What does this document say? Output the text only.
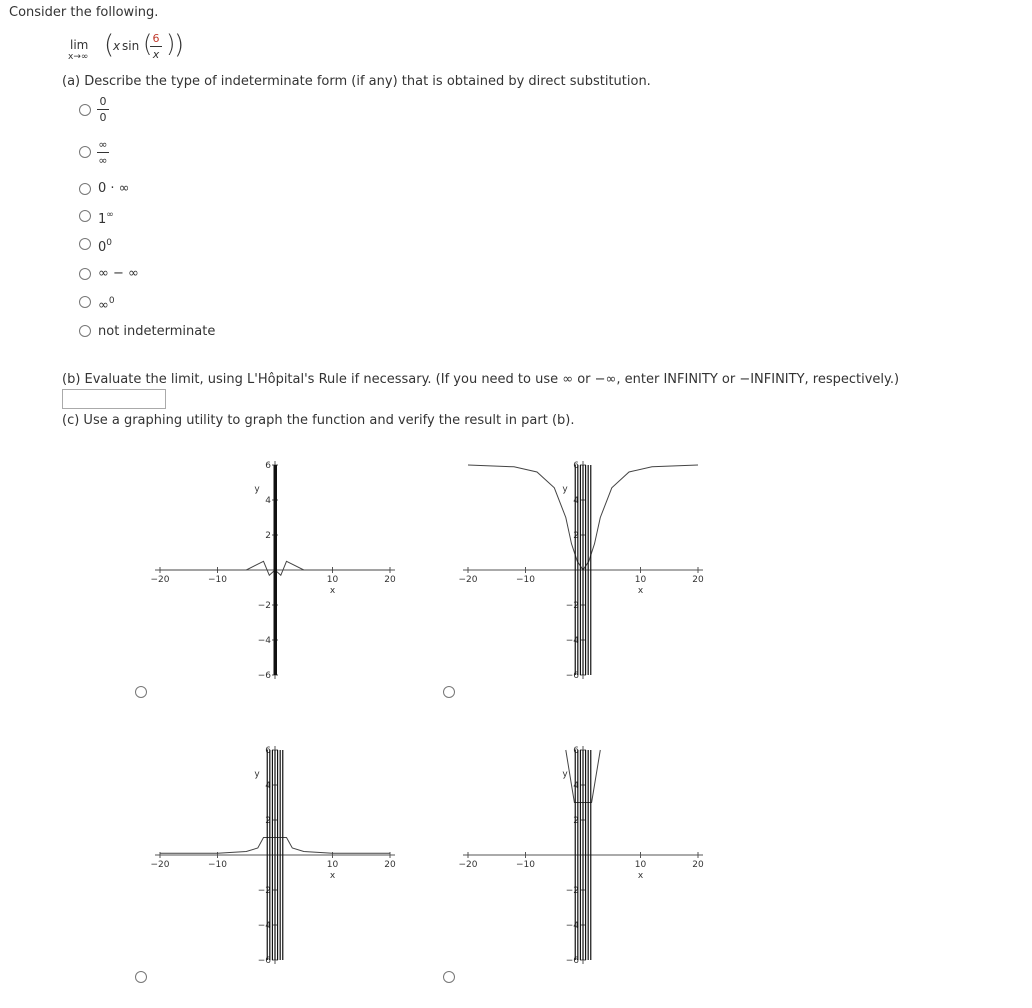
Consider the following.
lim
x→∞ (
x sin ( 6
x )
)
(a) Describe the type of indeterminate form (if any) that is obtained by direct substitution.
0
0
∞
∞
0 · ∞
1∞
$0^0$
∞ − ∞
∞$^0$
not indeterminate
(b) Evaluate the limit, using L'Hôpital's Rule if necessary. (If you need to use ∞ or −∞, enter INFINITY or −INFINITY, respectively.)
(c) Use a graphing utility to graph the function and verify the result in part (b).
−20	−10	10	20
x
6
4
2
−2
−4
−6
y
−20	−10	10	20
x
6
4
2
−2
−4
−6
y
−20	−10	10	20
x
6
4
2
−2
−4
−6
y
−20	−10	10	20
x
6
4
2
−2
−4
−6
y
